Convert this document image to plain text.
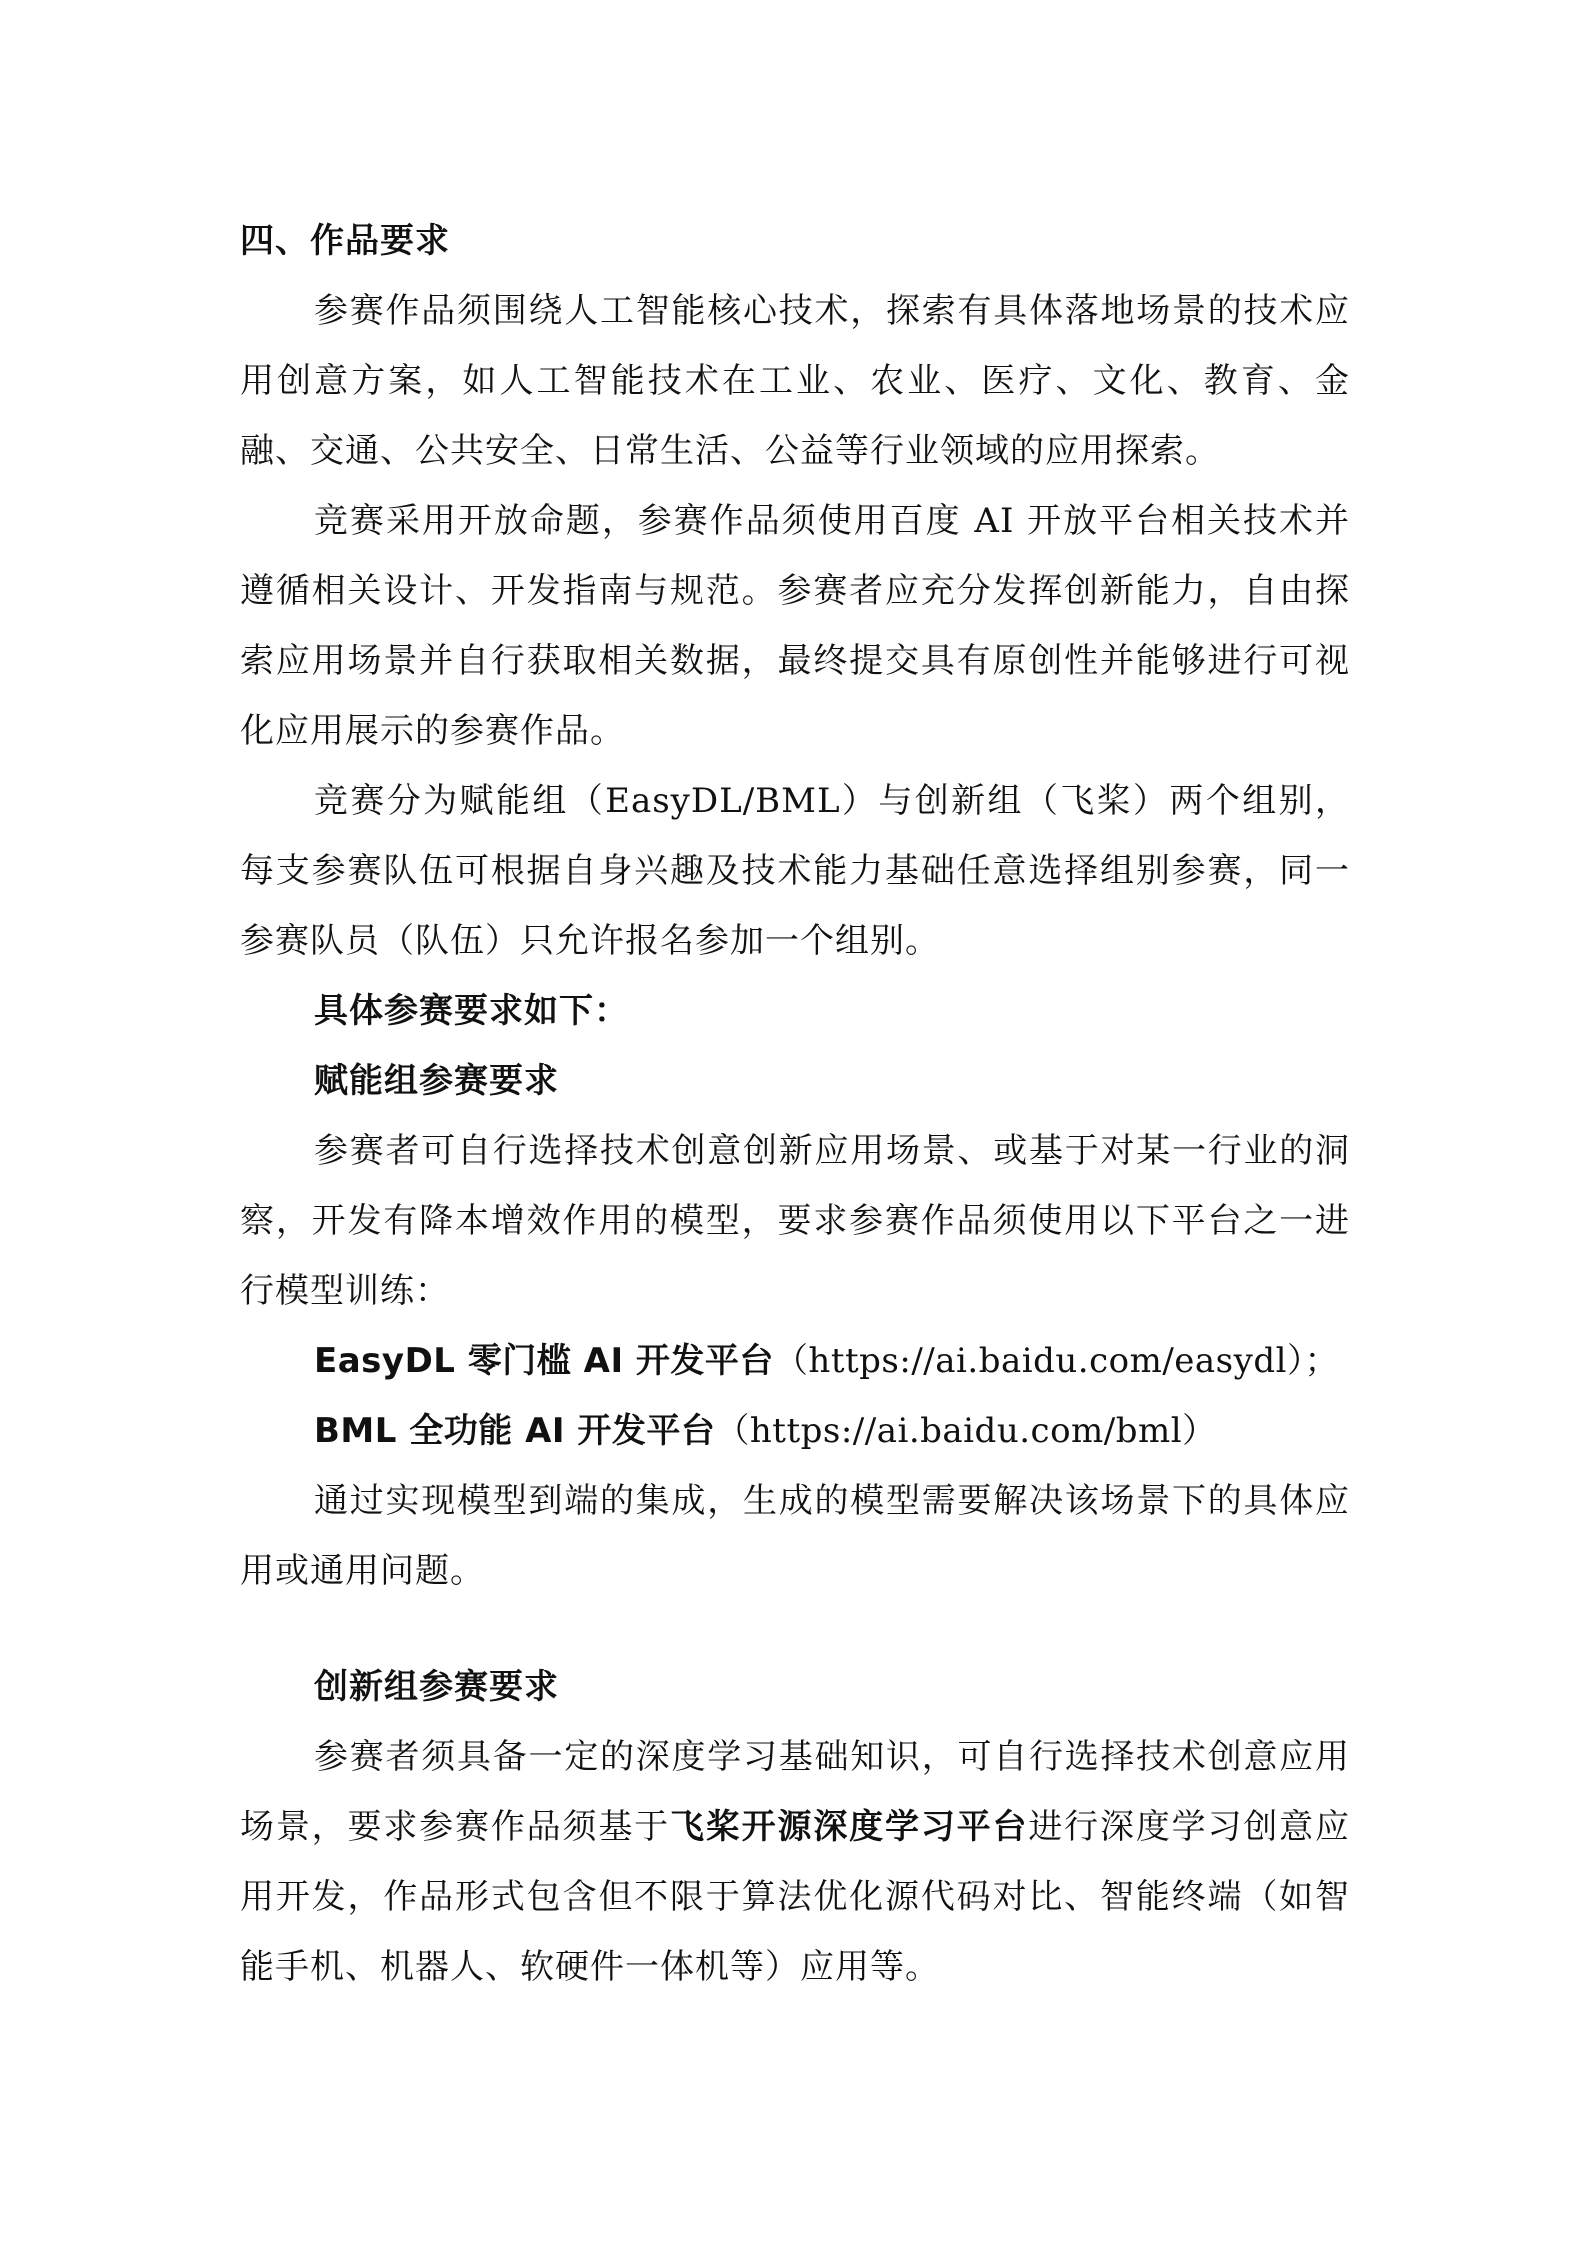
四、作品要求

参赛作品须围绕人工智能核心技术，探索有具体落地场景的技术应用创意方案，如人工智能技术在工业、农业、医疗、文化、教育、金融、交通、公共安全、日常生活、公益等行业领域的应用探索。

竞赛采用开放命题，参赛作品须使用百度 AI 开放平台相关技术并遵循相关设计、开发指南与规范。参赛者应充分发挥创新能力，自由探索应用场景并自行获取相关数据，最终提交具有原创性并能够进行可视化应用展示的参赛作品。

竞赛分为赋能组（EasyDL/BML）与创新组（飞桨）两个组别，每支参赛队伍可根据自身兴趣及技术能力基础任意选择组别参赛，同一参赛队员（队伍）只允许报名参加一个组别。

具体参赛要求如下：

赋能组参赛要求

参赛者可自行选择技术创意创新应用场景、或基于对某一行业的洞察，开发有降本增效作用的模型，要求参赛作品须使用以下平台之一进行模型训练：

EasyDL 零门槛 AI 开发平台（https://ai.baidu.com/easydl）；

BML 全功能 AI 开发平台（https://ai.baidu.com/bml）

通过实现模型到端的集成，生成的模型需要解决该场景下的具体应用或通用问题。

创新组参赛要求

参赛者须具备一定的深度学习基础知识，可自行选择技术创意应用场景，要求参赛作品须基于飞桨开源深度学习平台进行深度学习创意应用开发，作品形式包含但不限于算法优化源代码对比、智能终端（如智能手机、机器人、软硬件一体机等）应用等。
